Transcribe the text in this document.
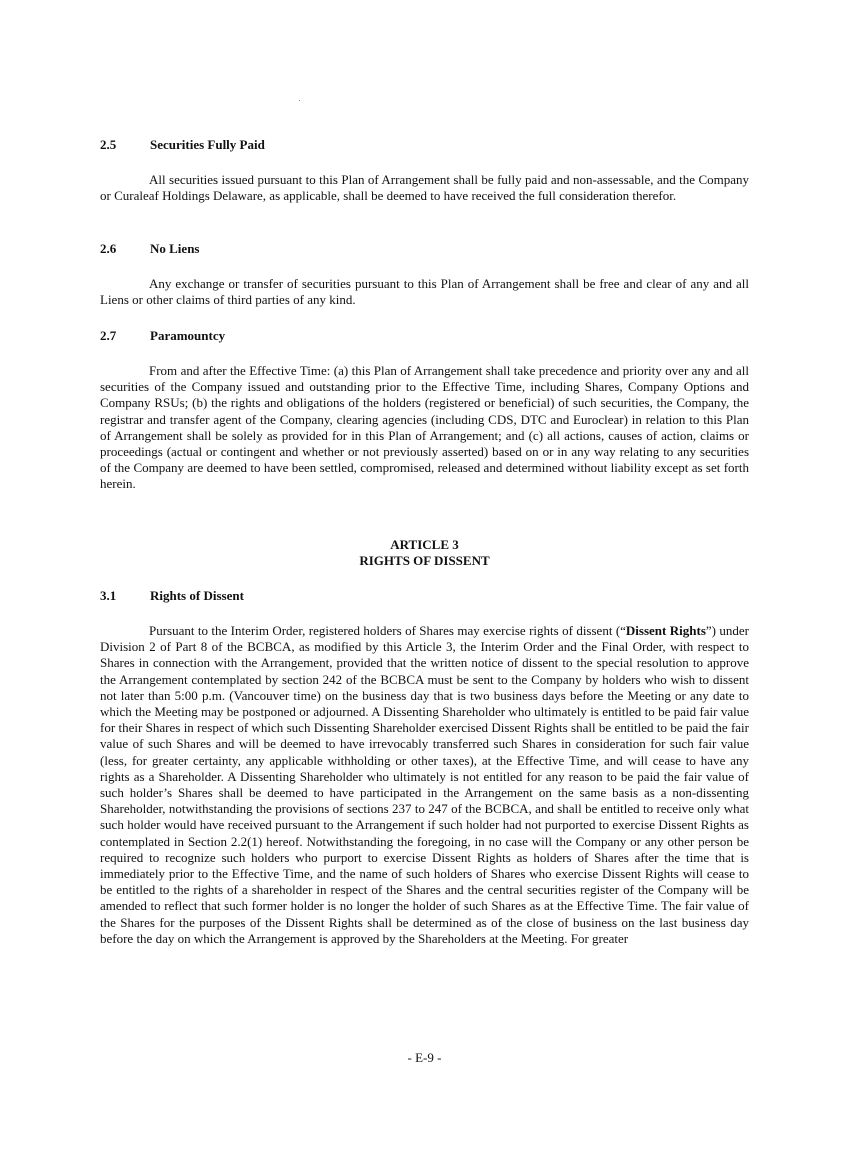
2.5	Securities Fully Paid

All securities issued pursuant to this Plan of Arrangement shall be fully paid and non-assessable, and the Company or Curaleaf Holdings Delaware, as applicable, shall be deemed to have received the full consideration therefor.

2.6	No Liens

Any exchange or transfer of securities pursuant to this Plan of Arrangement shall be free and clear of any and all Liens or other claims of third parties of any kind.

2.7	Paramountcy

From and after the Effective Time: (a) this Plan of Arrangement shall take precedence and priority over any and all securities of the Company issued and outstanding prior to the Effective Time, including Shares, Company Options and Company RSUs; (b) the rights and obligations of the holders (registered or beneficial) of such securities, the Company, the registrar and transfer agent of the Company, clearing agencies (including CDS, DTC and Euroclear) in relation to this Plan of Arrangement shall be solely as provided for in this Plan of Arrangement; and (c) all actions, causes of action, claims or proceedings (actual or contingent and whether or not previously asserted) based on or in any way relating to any securities of the Company are deemed to have been settled, compromised, released and determined without liability except as set forth herein.

ARTICLE 3
RIGHTS OF DISSENT
3.1	Rights of Dissent

Pursuant to the Interim Order, registered holders of Shares may exercise rights of dissent (“Dissent Rights”) under Division 2 of Part 8 of the BCBCA, as modified by this Article 3, the Interim Order and the Final Order, with respect to Shares in connection with the Arrangement, provided that the written notice of dissent to the special resolution to approve the Arrangement contemplated by section 242 of the BCBCA must be sent to the Company by holders who wish to dissent not later than 5:00 p.m. (Vancouver time) on the business day that is two business days before the Meeting or any date to which the Meeting may be postponed or adjourned. A Dissenting Shareholder who ultimately is entitled to be paid fair value for their Shares in respect of which such Dissenting Shareholder exercised Dissent Rights shall be entitled to be paid the fair value of such Shares and will be deemed to have irrevocably transferred such Shares in consideration for such fair value (less, for greater certainty, any applicable withholding or other taxes), at the Effective Time, and will cease to have any rights as a Shareholder. A Dissenting Shareholder who ultimately is not entitled for any reason to be paid the fair value of such holder’s Shares shall be deemed to have participated in the Arrangement on the same basis as a non-dissenting Shareholder, notwithstanding the provisions of sections 237 to 247 of the BCBCA, and shall be entitled to receive only what such holder would have received pursuant to the Arrangement if such holder had not purported to exercise Dissent Rights as contemplated in Section 2.2(1) hereof. Notwithstanding the foregoing, in no case will the Company or any other person be required to recognize such holders who purport to exercise Dissent Rights as holders of Shares after the time that is immediately prior to the Effective Time, and the name of such holders of Shares who exercise Dissent Rights will cease to be entitled to the rights of a shareholder in respect of the Shares and the central securities register of the Company will be amended to reflect that such former holder is no longer the holder of such Shares as at the Effective Time. The fair value of the Shares for the purposes of the Dissent Rights shall be determined as of the close of business on the last business day before the day on which the Arrangement is approved by the Shareholders at the Meeting. For greater

- E-9 -
